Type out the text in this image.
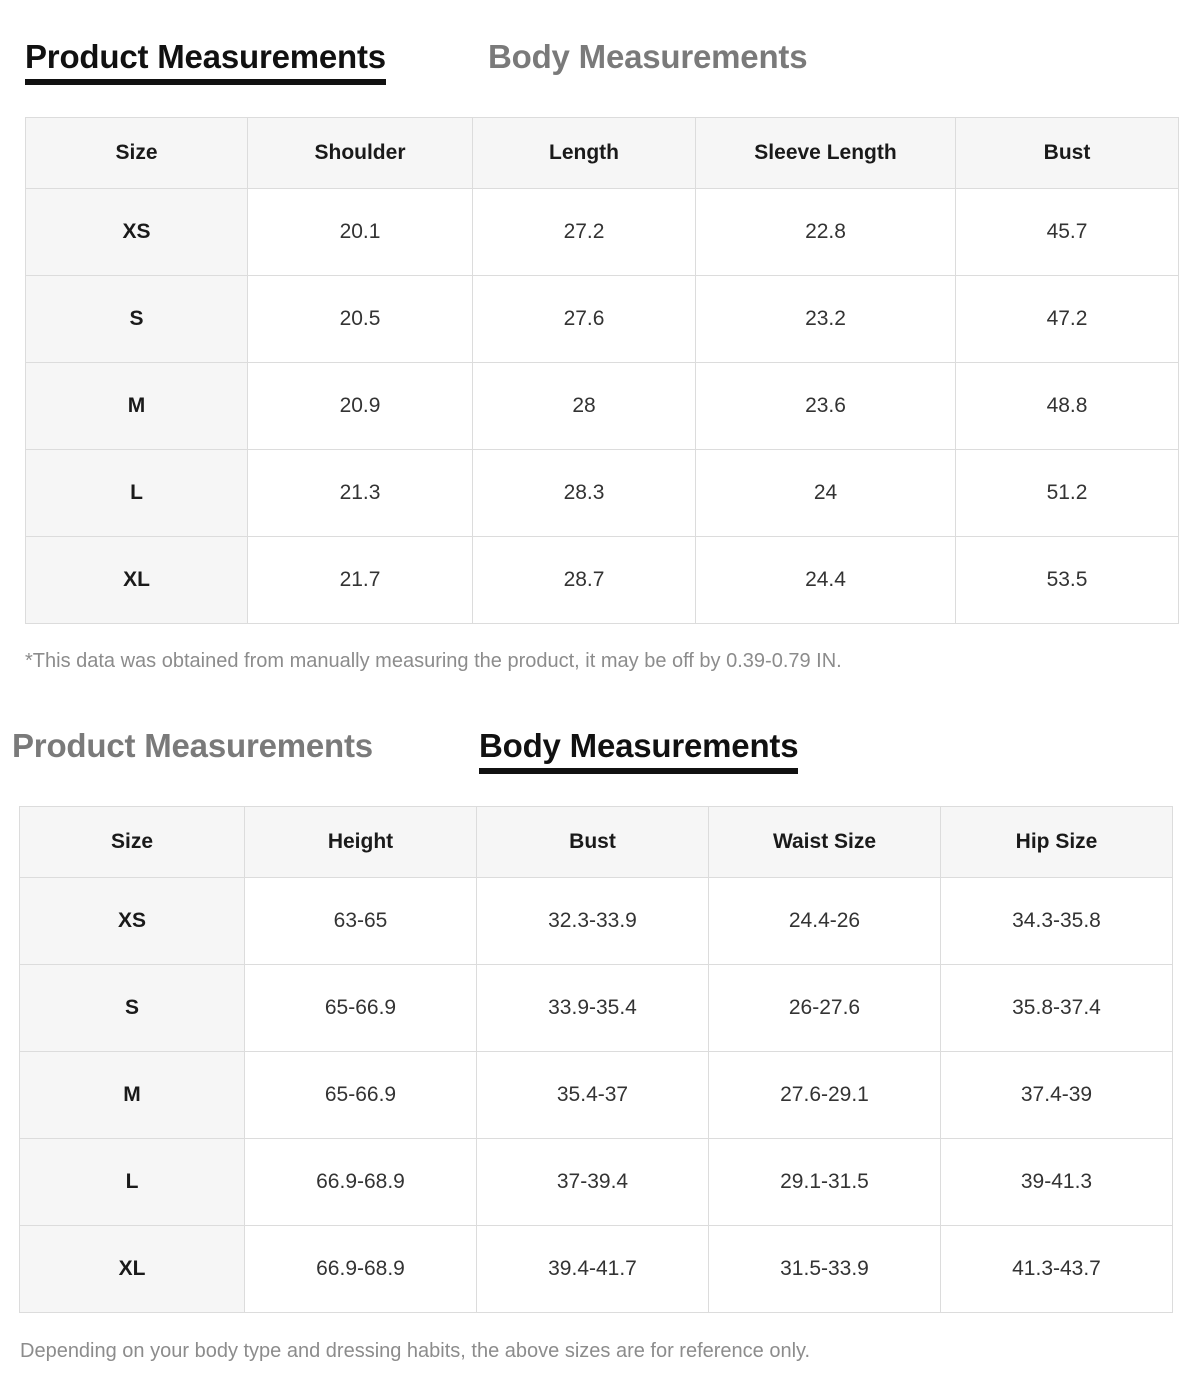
Product Measurements	Body Measurements
Size	Shoulder	Length	Sleeve Length	Bust
XS	20.1	27.2	22.8	45.7
S	20.5	27.6	23.2	47.2
M	20.9	28	23.6	48.8
L	21.3	28.3	24	51.2
XL	21.7	28.7	24.4	53.5
*This data was obtained from manually measuring the product, it may be off by 0.39-0.79 IN.
Product Measurements	Body Measurements
Size	Height	Bust	Waist Size	Hip Size
XS	63-65	32.3-33.9	24.4-26	34.3-35.8
S	65-66.9	33.9-35.4	26-27.6	35.8-37.4
M	65-66.9	35.4-37	27.6-29.1	37.4-39
L	66.9-68.9	37-39.4	29.1-31.5	39-41.3
XL	66.9-68.9	39.4-41.7	31.5-33.9	41.3-43.7
Depending on your body type and dressing habits, the above sizes are for reference only.
